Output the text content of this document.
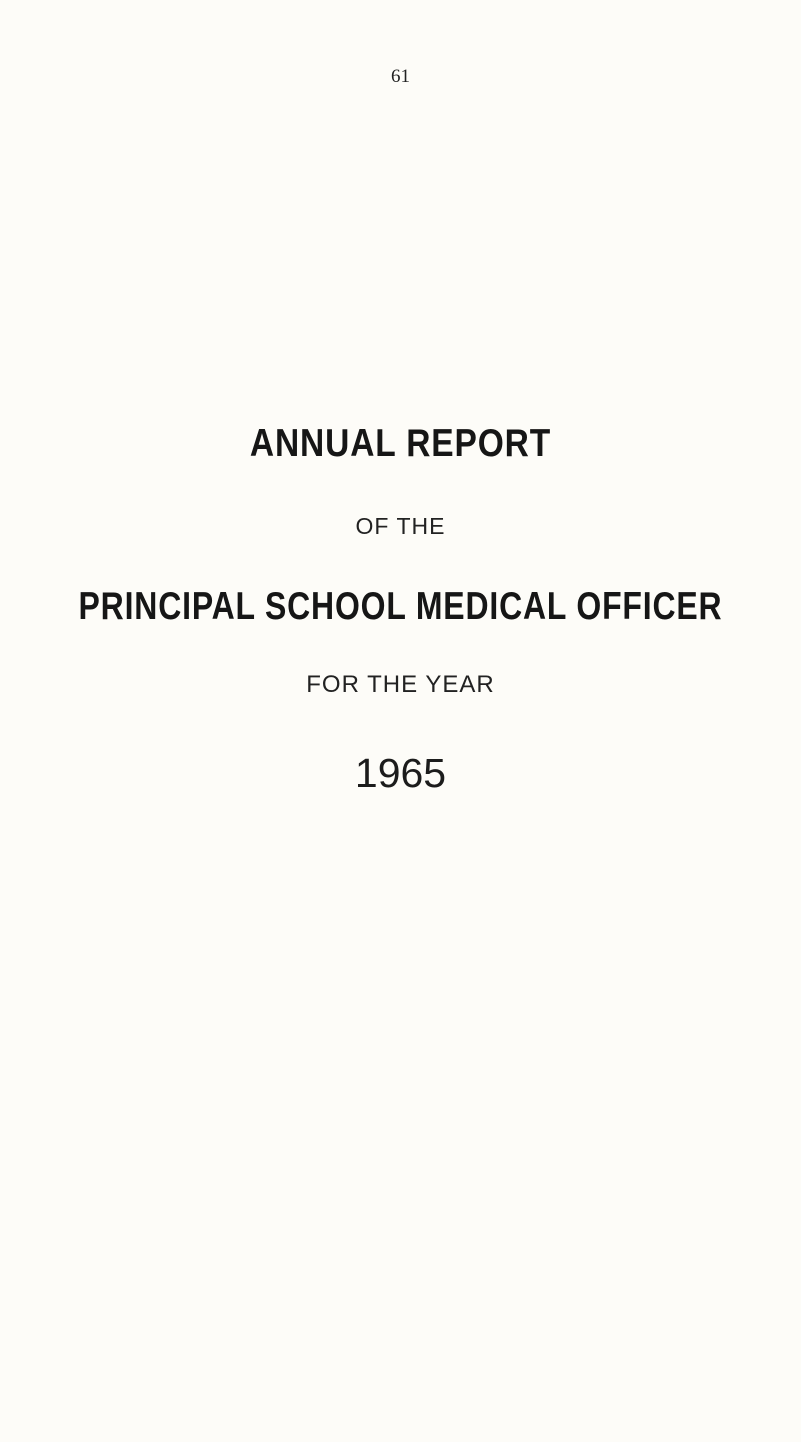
61
ANNUAL REPORT
OF THE
PRINCIPAL SCHOOL MEDICAL OFFICER
FOR THE YEAR
1965
